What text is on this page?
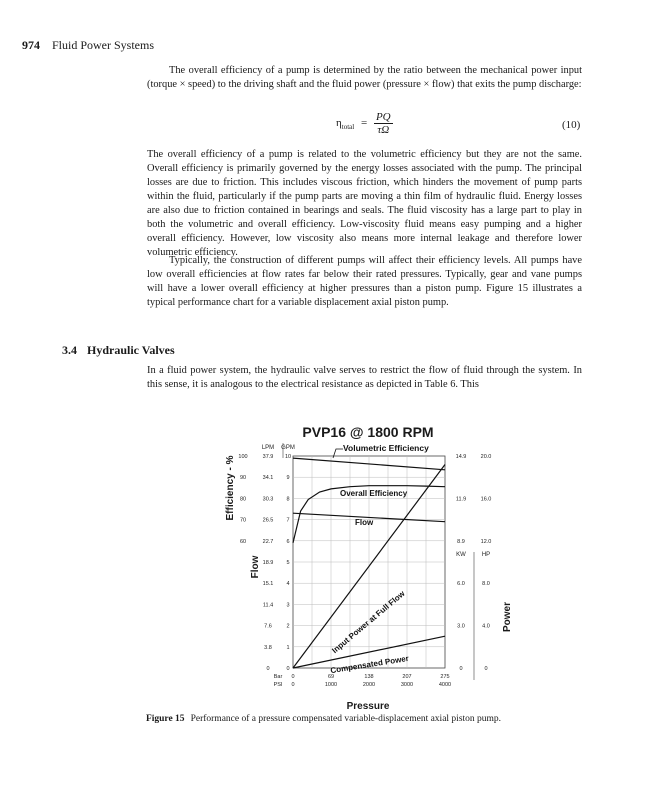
974 Fluid Power Systems

The overall efficiency of a pump is determined by the ratio between the mechanical power input (torque × speed) to the driving shaft and the fluid power (pressure × flow) that exits the pump discharge:

$\eta_{total} = \frac{PQ}{\tau\Omega}$	(10)

The overall efficiency of a pump is related to the volumetric efficiency but they are not the same. Overall efficiency is primarily governed by the energy losses associated with the pump. The principal losses are due to friction. This includes viscous friction, which hinders the movement of pump parts within the fluid, particularly if the pump parts are moving a thin film of hydraulic fluid. Energy losses are also due to friction contained in bearings and seals. The fluid viscosity has a large part to play in both the volumetric and overall efficiency. Low-viscosity fluid means easy pumping and a higher overall efficiency. However, low viscosity also means more internal leakage and therefore lower volumetric efficiency.

Typically, the construction of different pumps will affect their efficiency levels. All pumps have low overall efficiencies at flow rates far below their rated pressures. Typically, gear and vane pumps will have a lower overall efficiency at higher pressures than a piston pump. Figure 15 illustrates a typical performance chart for a variable displacement axial piston pump.

3.4 Hydraulic Valves

In a fluid power system, the hydraulic valve serves to restrict the flow of fluid through the system. In this sense, it is analogous to the electrical resistance as depicted in Table 6. This

PVP16 @ 1800 RPM
LPM GPM
KW	HP
Efficiency - %
Flow
Power
Pressure
10
9
8
7
6
5
4
3
2
1
0
37.9
34.1
30.3
26.5
22.7
18.9
15.1
11.4
7.6
3.8
0
100
90
80
70
60
20.0
16.0
12.0
8.0
4.0
0
14.9
11.9
8.9
6.0
3.0
0
Bar 0	69	138	207	275
PSI 0	1000	2000	3000	4000
Volumetric Efficiency
Flow
Overall Efficiency
Input Power at Full Flow
Compensated Power
Figure 15 Performance of a pressure compensated variable-displacement axial piston pump.
